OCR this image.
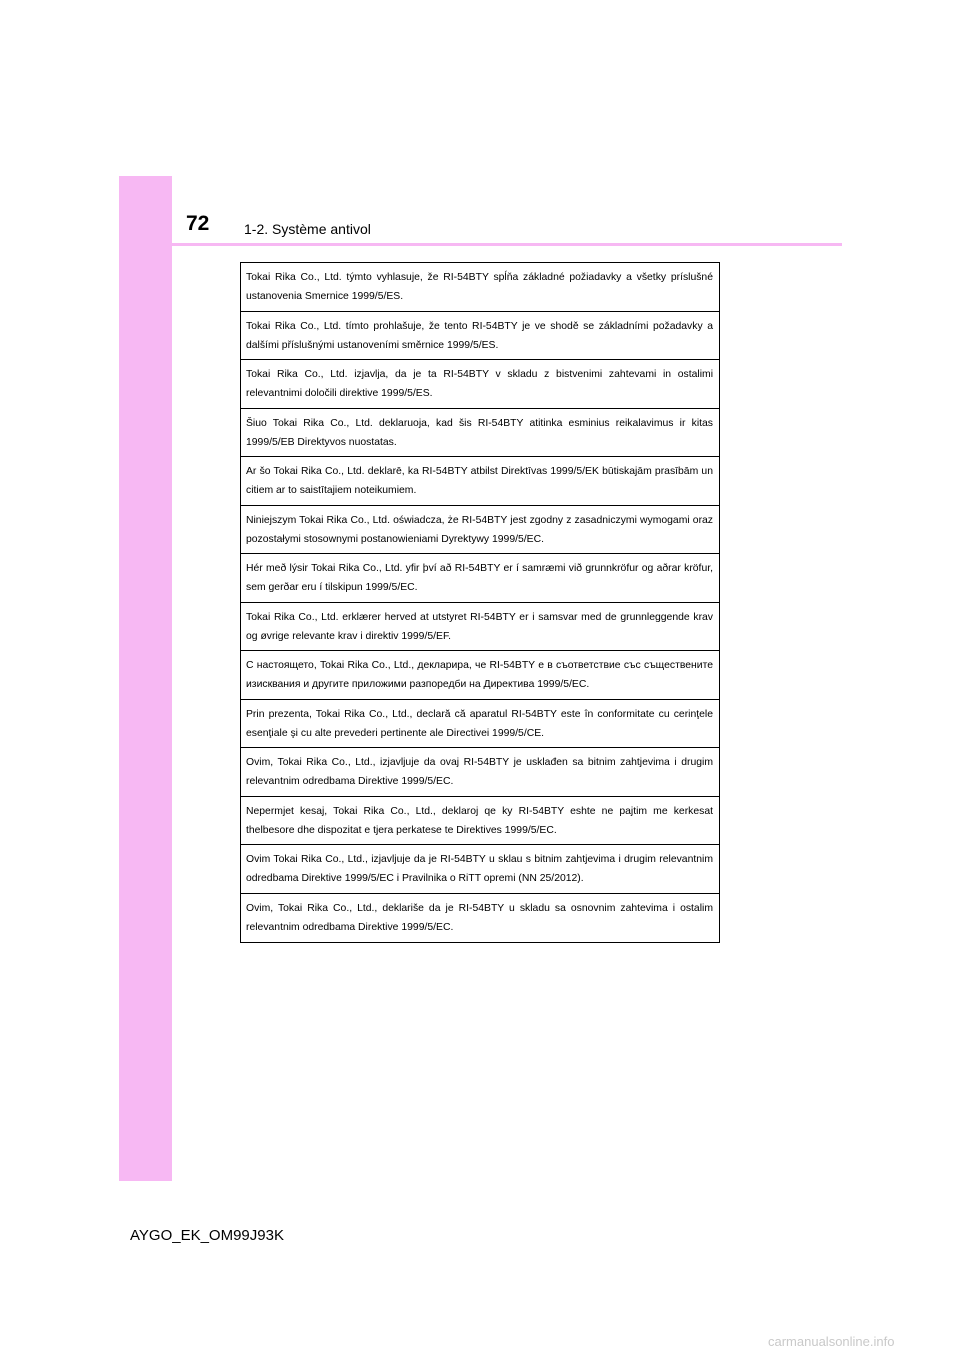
72 1-2. Système antivol
Tokai Rika Co., Ltd. týmto vyhlasuje, že RI-54BTY spĺňa základné požiadavky a všetky príslušné ustanovenia Smernice 1999/5/ES.
Tokai Rika Co., Ltd. tímto prohlašuje, že tento RI-54BTY je ve shodě se základními požadavky a dalšími příslušnými ustanoveními směrnice 1999/5/ES.
Tokai Rika Co., Ltd. izjavlja, da je ta RI-54BTY v skladu z bistvenimi zahtevami in ostalimi relevantnimi določili direktive 1999/5/ES.
Šiuo Tokai Rika Co., Ltd. deklaruoja, kad šis RI-54BTY atitinka esminius reikalavimus ir kitas 1999/5/EB Direktyvos nuostatas.
Ar šo Tokai Rika Co., Ltd. deklarē, ka RI-54BTY atbilst Direktīvas 1999/5/EK būtiskajām prasībām un citiem ar to saistītajiem noteikumiem.
Niniejszym Tokai Rika Co., Ltd. oświadcza, że RI-54BTY jest zgodny z zasadniczymi wymogami oraz pozostałymi stosownymi postanowieniami Dyrektywy 1999/5/EC.
Hér með lýsir Tokai Rika Co., Ltd. yfir því að RI-54BTY er í samræmi við grunnkröfur og aðrar kröfur, sem gerðar eru í tilskipun 1999/5/EC.
Tokai Rika Co., Ltd. erklærer herved at utstyret RI-54BTY er i samsvar med de grunnleggende krav og øvrige relevante krav i direktiv 1999/5/EF.
С настоящето, Tokai Rika Co., Ltd., декларира, че RI-54BTY е в съответствие със съществените изисквания и другите приложими разпоредби на Директива 1999/5/EC.
Prin prezenta, Tokai Rika Co., Ltd., declară că aparatul RI-54BTY este în conformitate cu cerinţele esenţiale şi cu alte prevederi pertinente ale Directivei 1999/5/CE.
Ovim, Tokai Rika Co., Ltd., izjavljuje da ovaj RI-54BTY je usklađen sa bitnim zahtjevima i drugim relevantnim odredbama Direktive 1999/5/EC.
Nepermjet kesaj, Tokai Rika Co., Ltd., deklaroj qe ky RI-54BTY eshte ne pajtim me kerkesat thelbesore dhe dispozitat e tjera perkatese te Direktives 1999/5/EC.
Ovim Tokai Rika Co., Ltd., izjavljuje da je RI-54BTY u sklau s bitnim zahtjevima i drugim relevantnim odredbama Direktive 1999/5/EC i Pravilnika o RiTT opremi (NN 25/2012).
Ovim, Tokai Rika Co., Ltd., deklariše da je RI-54BTY u skladu sa osnovnim zahtevima i ostalim relevantnim odredbama Direktive 1999/5/EC.
AYGO_EK_OM99J93K
carmanualsonline.info
